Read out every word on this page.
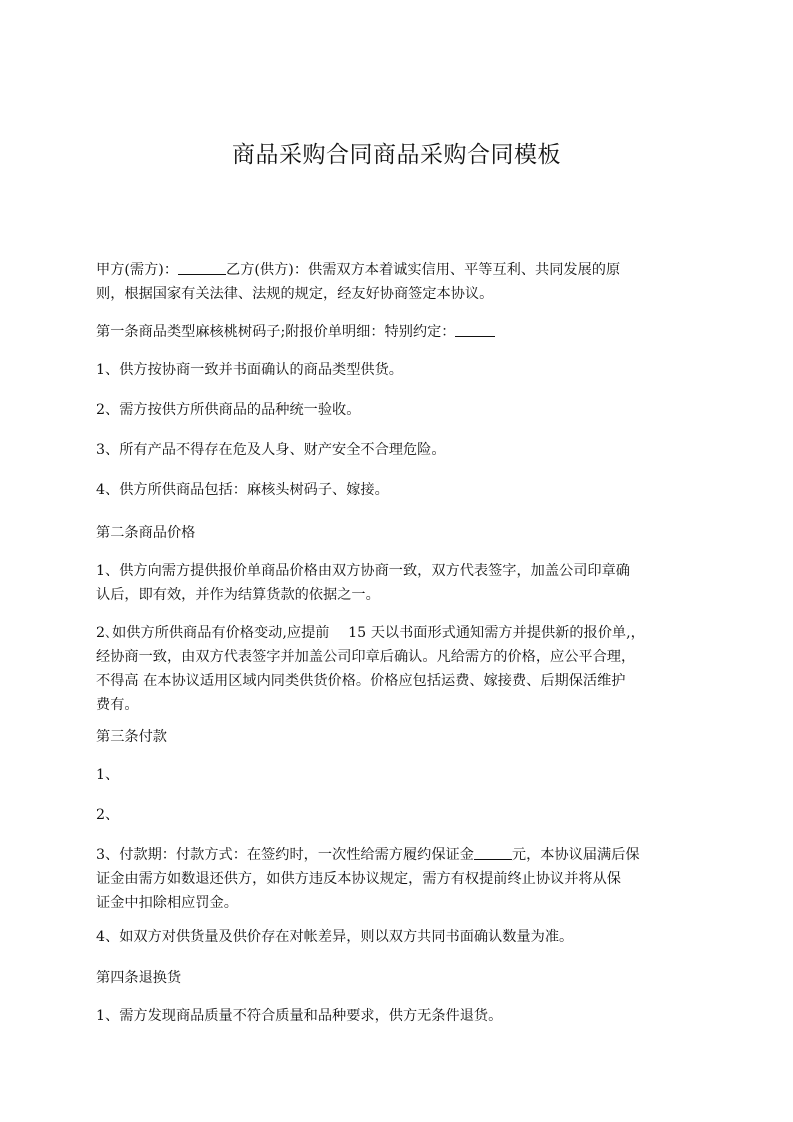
商品采购合同商品采购合同模板
甲方(需方)：	乙方(供方)：供需双方本着诚实信用、平等互利、共同发展的原
则，根据国家有关法律、法规的规定，经友好协商签定本协议。
第一条商品类型麻核桃树码子;附报价单明细：特别约定：
1、供方按协商一致并书面确认的商品类型供货。
2、需方按供方所供商品的品种统一验收。
3、所有产品不得存在危及人身、财产安全不合理危险。
4、供方所供商品包括：麻核头树码子、嫁接。
第二条商品价格
1、供方向需方提供报价单商品价格由双方协商一致，双方代表签字，加盖公司印章确
认后，即有效，并作为结算货款的依据之一。
2､如供方所供商品有价格变动,应提前　 15 天以书面形式通知需方并提供新的报价单,，
经协商一致，由双方代表签字并加盖公司印章后确认。凡给需方的价格，应公平合理，
不得高 在本协议适用区域内同类供货价格。价格应包括运费、嫁接费、后期保活维护
费有。
第三条付款
1、
2、
3、付款期：付款方式：在签约时，一次性给需方履约保证金	元，本协议届满后保
证金由需方如数退还供方，如供方违反本协议规定，需方有权提前终止协议并将从保
证金中扣除相应罚金。
4、如双方对供货量及供价存在对帐差异，则以双方共同书面确认数量为准。
第四条退换货
1、需方发现商品质量不符合质量和品种要求，供方无条件退货。
